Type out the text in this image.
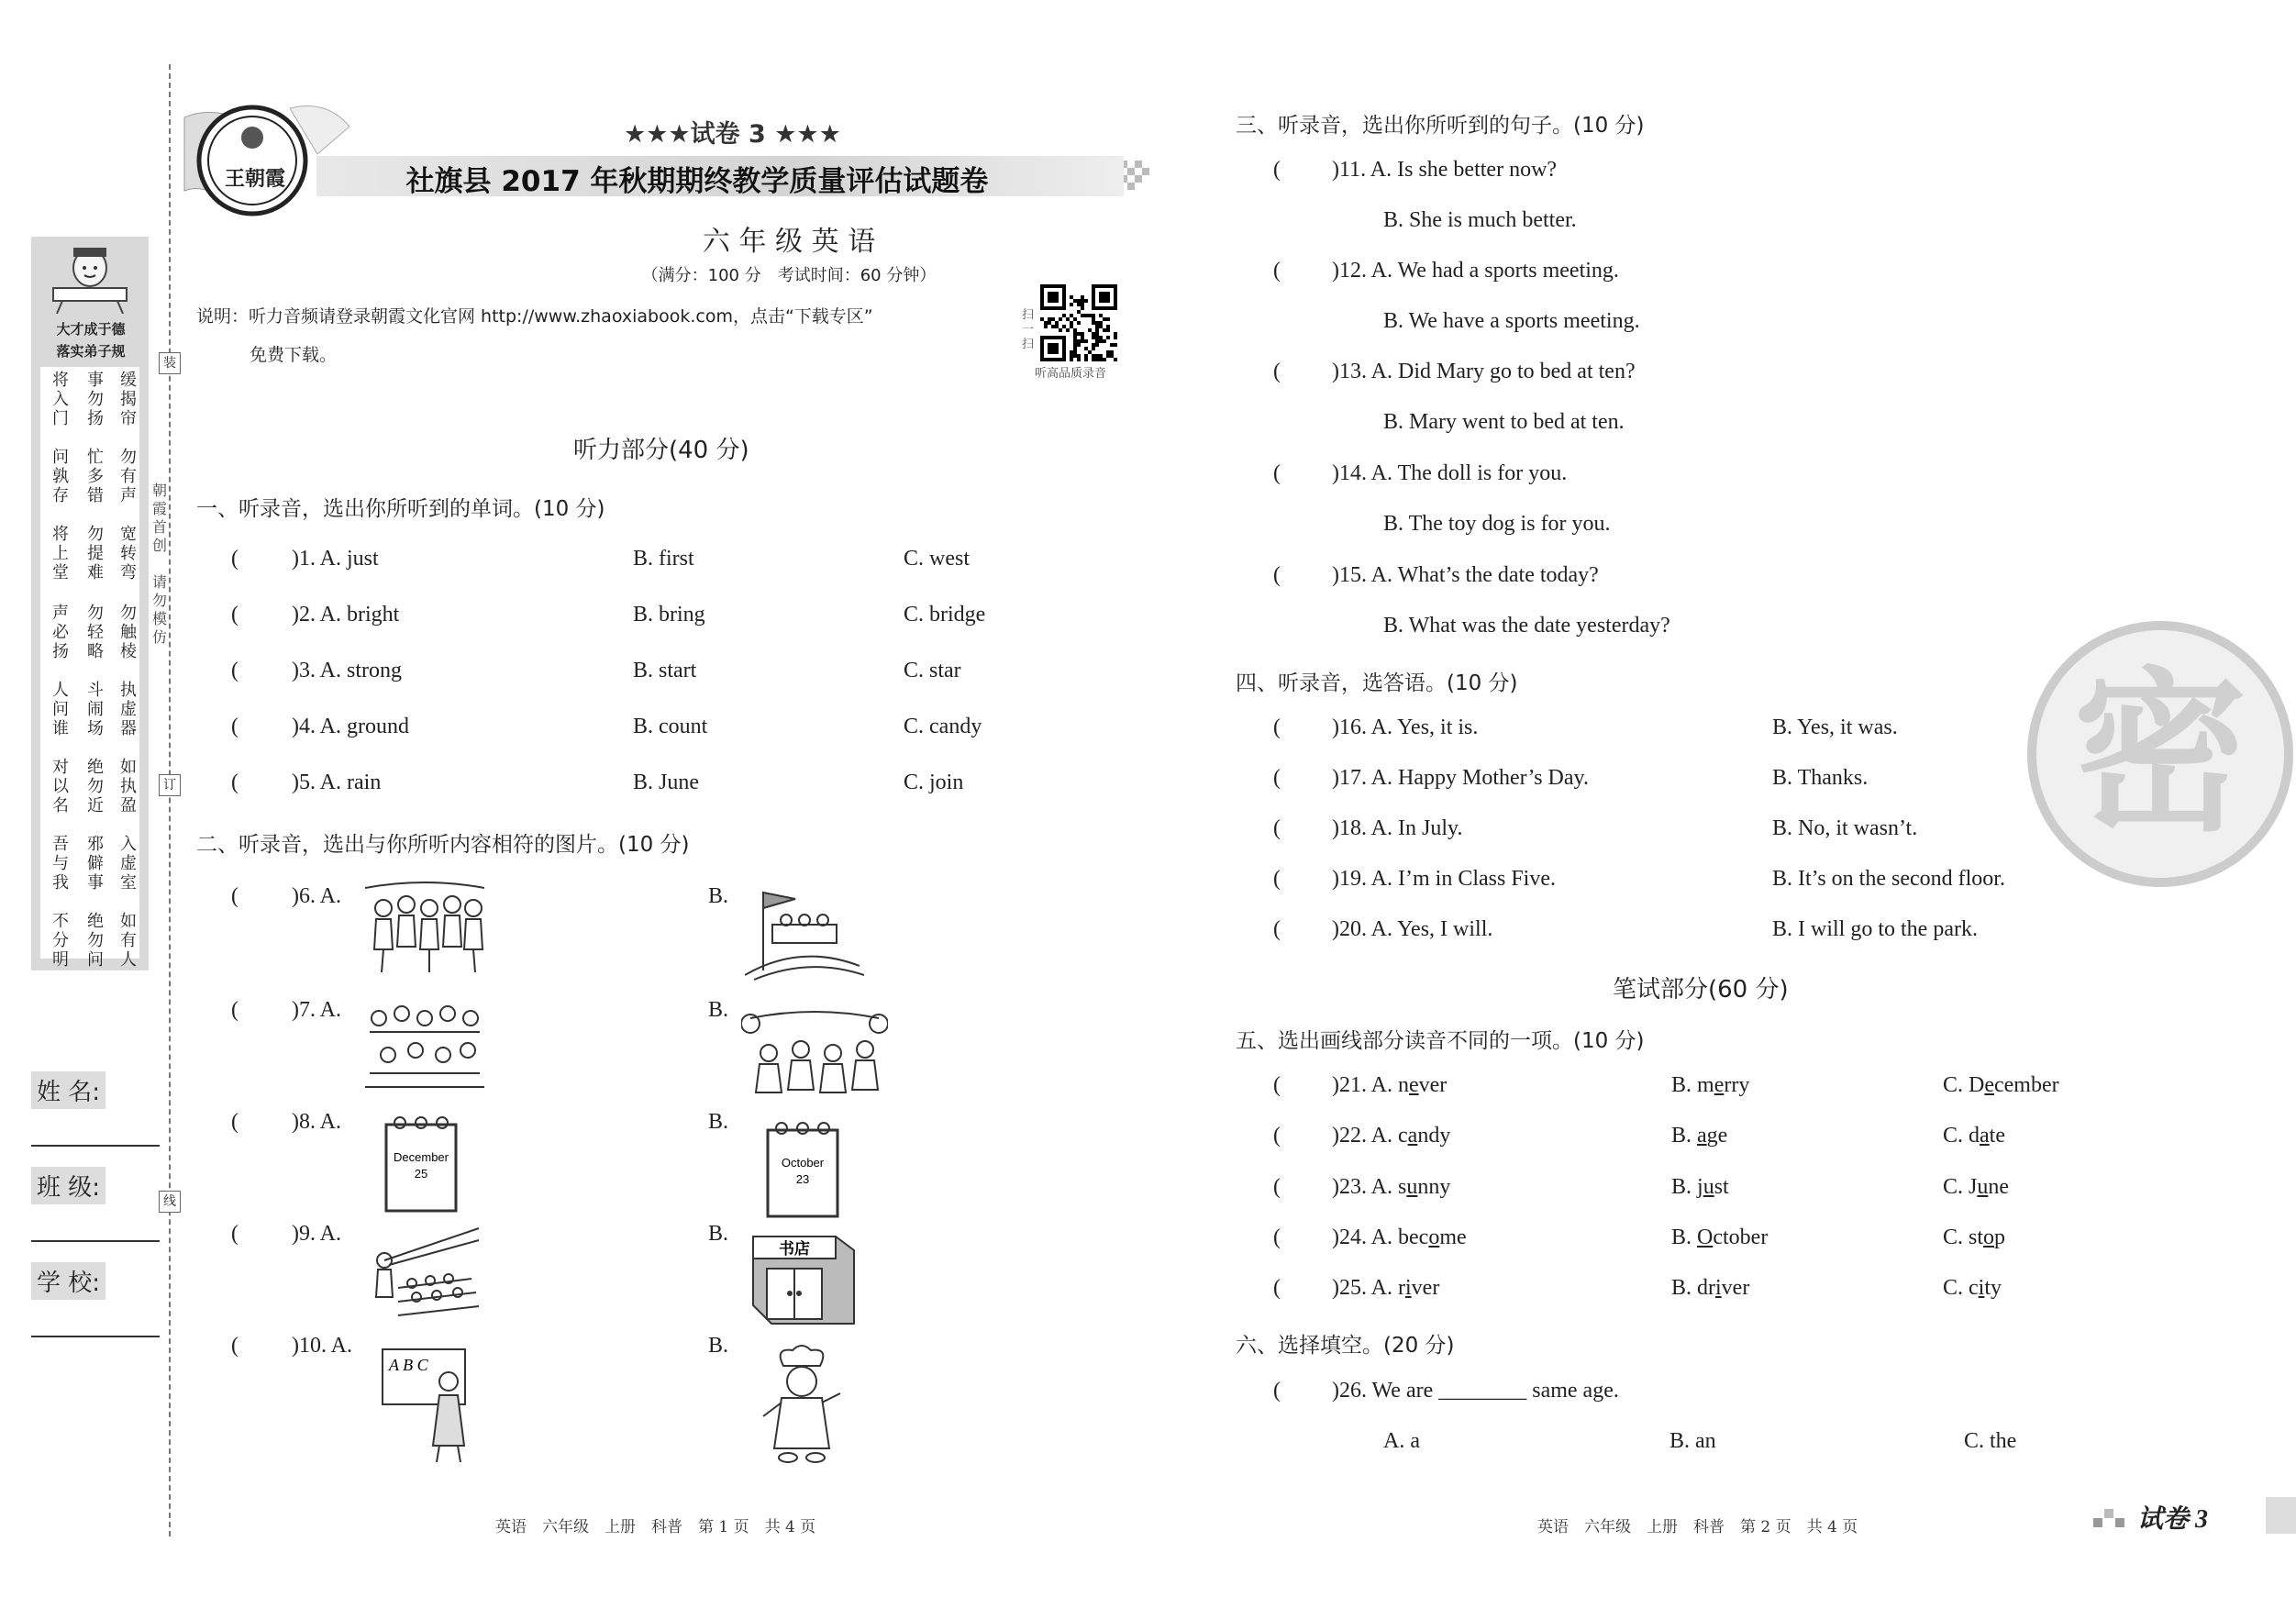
大才成于德
落实弟子规
将入门
事勿扬
缓揭帘
问孰存
忙多错
勿有声
将上堂
勿提难
宽转弯
声必扬
勿轻略
勿触棱
人问谁
斗闹场
执虚器
对以名
绝勿近
如执盈
吾与我
邪僻事
入虚室
不分明
绝勿问
如有人
朝霞首创
请勿模仿
装
订
线
姓 名:
班 级:
学 校:
王朝霞
★★★试卷 3 ★★★
社旗县 2017 年秋期期终教学质量评估试题卷
六 年 级 英 语
（满分：100 分　考试时间：60 分钟）
说明：听力音频请登录朝霞文化官网 http://www.zhaoxiabook.com，点击“下载专区”
免费下载。
扫一扫
听高品质录音
听力部分(40 分)
一、听录音，选出你所听到的单词。(10 分)
( )1. A. just	B. first	C. west
( )2. A. bright	B. bring	C. bridge
( )3. A. strong	B. start	C. star
( )4. A. ground	B. count	C. candy
( )5. A. rain	B. June	C. join
二、听录音，选出与你所听内容相符的图片。(10 分)
( )6. A.	B.
( )7. A.	B.
( )8. A.	B.
( )9. A.	B.
( )10. A.	B.
December
25
October
23
书店
A B C
英语　六年级　上册　科普　第 1 页　共 4 页
三、听录音，选出你所听到的句子。(10 分)
( )11. A. Is she better now?
B. She is much better.
( )12. A. We had a sports meeting.
B. We have a sports meeting.
( )13. A. Did Mary go to bed at ten?
B. Mary went to bed at ten.
( )14. A. The doll is for you.
B. The toy dog is for you.
( )15. A. What’s the date today?
B. What was the date yesterday?
四、听录音，选答语。(10 分)
( )16. A. Yes, it is.	B. Yes, it was.
( )17. A. Happy Mother’s Day.	B. Thanks.
( )18. A. In July.	B. No, it wasn’t.
( )19. A. I’m in Class Five.	B. It’s on the second floor.
( )20. A. Yes, I will.	B. I will go to the park.
笔试部分(60 分)
五、选出画线部分读音不同的一项。(10 分)
( )21. A. never	B. merry	C. December
( )22. A. candy	B. age	C. date
( )23. A. sunny	B. just	C. June
( )24. A. become	B. October	C. stop
( )25. A. river	B. driver	C. city
六、选择填空。(20 分)
( )26. We are ________ same age.
A. a	B. an	C. the
密
英语　六年级　上册　科普　第 2 页　共 4 页	试卷 3
